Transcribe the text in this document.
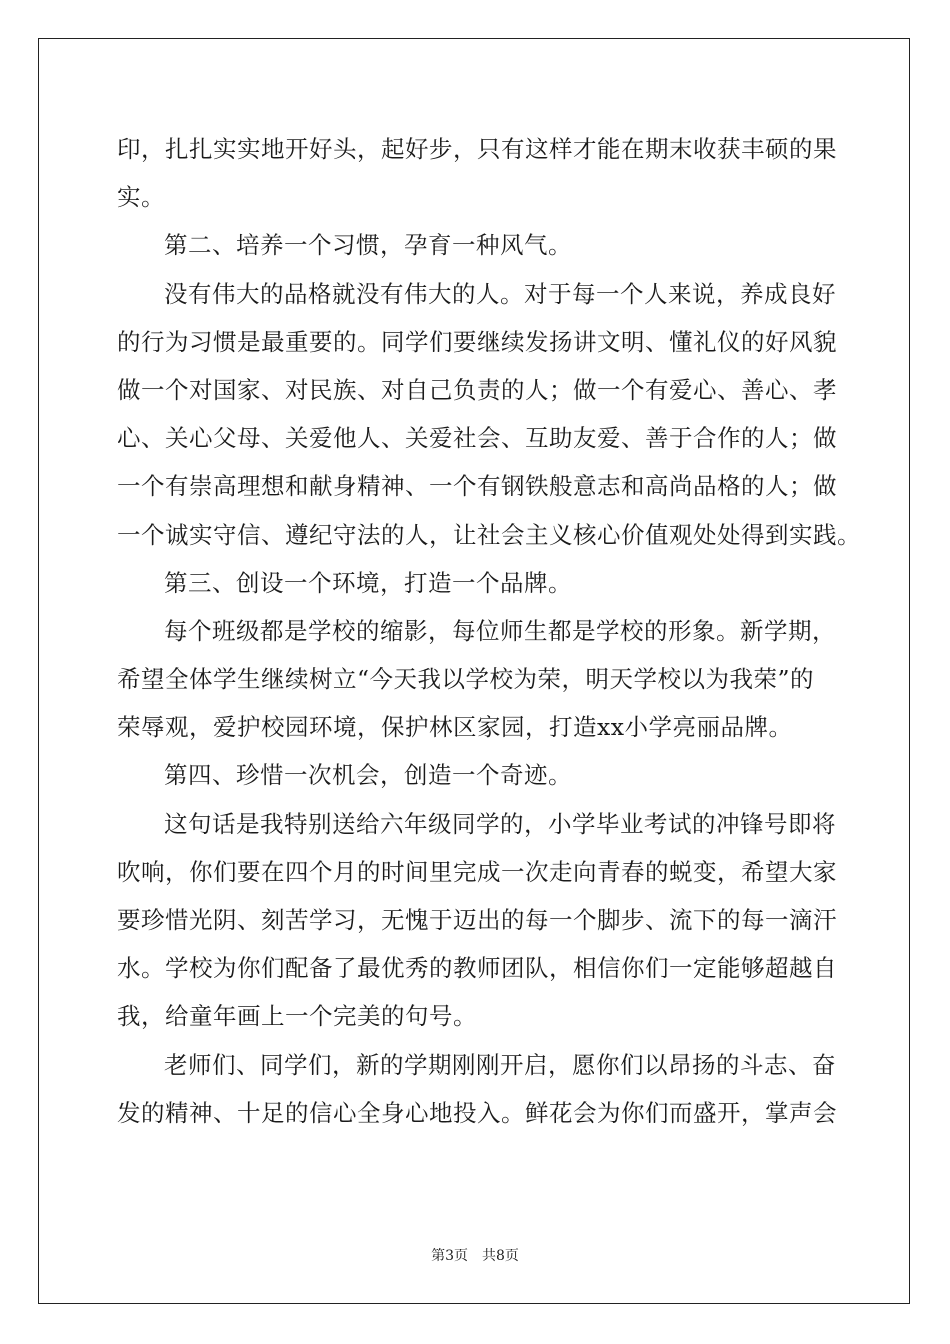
印，扎扎实实地开好头，起好步，只有这样才能在期末收获丰硕的果
实。
第二、培养一个习惯，孕育一种风气。
没有伟大的品格就没有伟大的人。对于每一个人来说，养成良好
的行为习惯是最重要的。同学们要继续发扬讲文明、懂礼仪的好风貌
做一个对国家、对民族、对自己负责的人；做一个有爱心、善心、孝
心、关心父母、关爱他人、关爱社会、互助友爱、善于合作的人；做
一个有崇高理想和献身精神、一个有钢铁般意志和高尚品格的人；做
一个诚实守信、遵纪守法的人，让社会主义核心价值观处处得到实践。
第三、创设一个环境，打造一个品牌。
每个班级都是学校的缩影，每位师生都是学校的形象。新学期，
希望全体学生继续树立“今天我以学校为荣，明天学校以为我荣”的
荣辱观，爱护校园环境，保护林区家园，打造xx小学亮丽品牌。
第四、珍惜一次机会，创造一个奇迹。
这句话是我特别送给六年级同学的，小学毕业考试的冲锋号即将
吹响，你们要在四个月的时间里完成一次走向青春的蜕变，希望大家
要珍惜光阴、刻苦学习，无愧于迈出的每一个脚步、流下的每一滴汗
水。学校为你们配备了最优秀的教师团队，相信你们一定能够超越自
我，给童年画上一个完美的句号。
老师们、同学们，新的学期刚刚开启，愿你们以昂扬的斗志、奋
发的精神、十足的信心全身心地投入。鲜花会为你们而盛开，掌声会
第3页 共8页
